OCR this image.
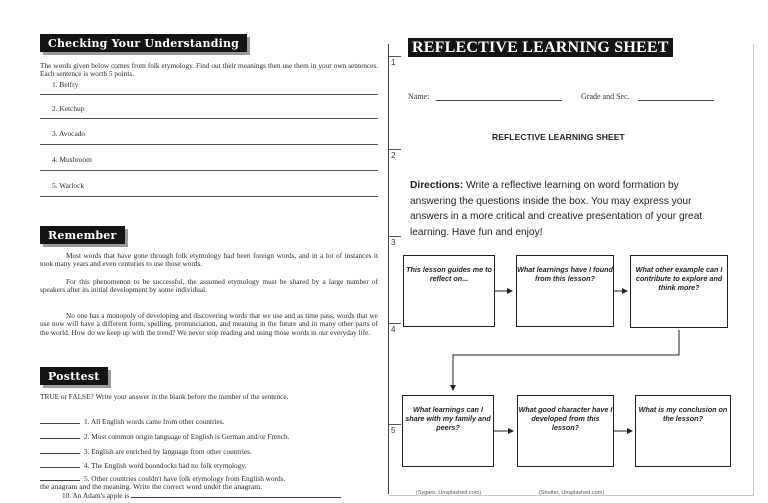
Checking Your Understanding
The words given below comes from folk etymology. Find out their meanings then use them in your own sentences. Each sentence is worth 5 points.
1. Belfry
2. Ketchup
3. Avocado
4. Mushroom
5. Warlock
Remember
Most words that have gone through folk etymology had been foreign words, and in a lot of instances it took many years and even centuries to use those words.
For this phenomenon to be successful, the assumed etymology must be shared by a large number of speakers after its initial development by some individual.
No one has a monopoly of developing and discovering words that we use and as time pass, words that we use now will have a different form, spelling, pronunciation, and meaning in the future and in many other parts of the world. How do we keep up with the trend? We never stop reading and using those words in our everyday life.
Posttest
TRUE or FALSE? Write your answer in the blank before the number of the sentence.
1. All English words came from other countries.
2. Most common origin language of English is German and/or French.
3. English are enriched by language from other countries.
4. The English word boondocks had no folk etymology.
5. Other countries couldn't have folk etymology from English words.
the anagram and the meaning. Write the correct word under the anagram.
10. An Adam's apple is
REFLECTIVE LEARNING SHEET
1
2
3
4
5
Name:	Grade and Sec.
REFLECTIVE LEARNING SHEET
Directions: Write a reflective learning on word formation by answering the questions inside the box. You may express your answers in a more critical and creative presentation of your great learning. Have fun and enjoy!
This lesson guides me to reflect on...
What learnings have I found from this lesson?
What other example can I contribute to explore and think more?
What learnings can I share with my family and peers?
What good character have I developed from this lesson?
What is my conclusion on the lesson?
(Sygaro, Unsplashed.com)	(Shutter, Unsplashed.com)
